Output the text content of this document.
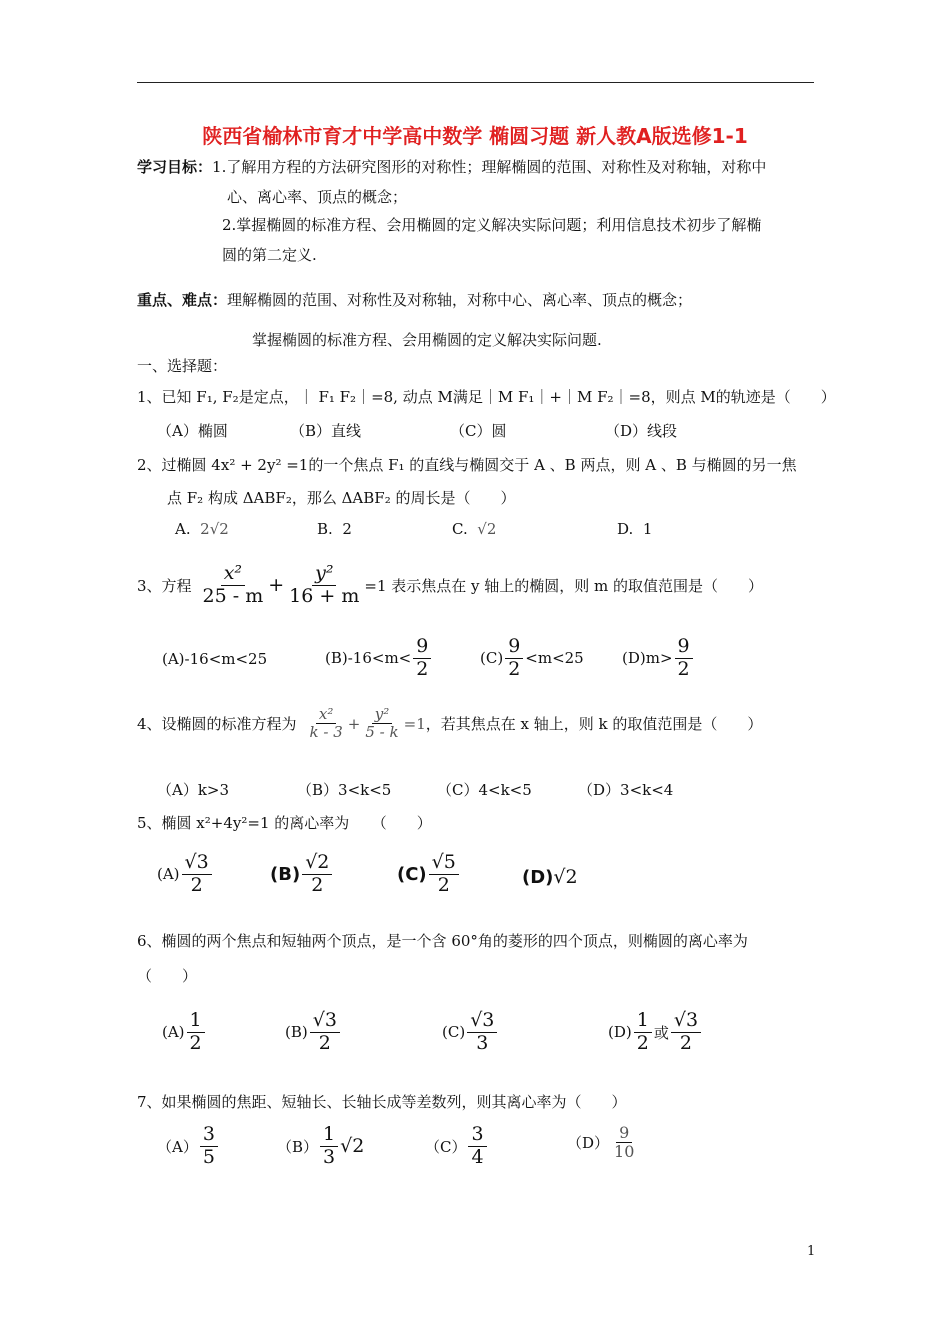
陕西省榆林市育才中学高中数学 椭圆习题 新人教A版选修1-1
学习目标：1.了解用方程的方法研究图形的对称性；理解椭圆的范围、对称性及对称轴，对称中
心、离心率、顶点的概念；
2.掌握椭圆的标准方程、会用椭圆的定义解决实际问题；利用信息技术初步了解椭
圆的第二定义.
重点、难点：理解椭圆的范围、对称性及对称轴，对称中心、离心率、顶点的概念；
掌握椭圆的标准方程、会用椭圆的定义解决实际问题.
一、选择题：
1、已知 F₁, F₂是定点，｜ F₁ F₂｜=8, 动点 M满足｜M F₁｜+｜M F₂｜=8，则点 M的轨迹是（　　）
（A）椭圆	（B）直线	（C）圆	（D）线段
2、过椭圆 4x² + 2y² =1的一个焦点 F₁ 的直线与椭圆交于 A 、B 两点，则 A 、B 与椭圆的另一焦
点 F₂ 构成 ΔABF₂，那么 ΔABF₂ 的周长是（　　）
A. 2√2	B. 2	C. √2	D. 1
3、方程 $\frac{\text{x²}}{25 - m} + \frac{\text{y²}}{16 + m} =1$ 表示焦点在 y 轴上的椭圆，则 m 的取值范围是（　　）
(A)-16<m<25	$(B)-16<m< \frac{9}{2}$	$(C) \frac{9}{2} <m<25$	$(D)m> \frac{9}{2}$
4、设椭圆的标准方程为 $\frac{\text{x²}}{k - 3} + \frac{\text{y²}}{5 - k} =1$ ，若其焦点在 x 轴上，则 k 的取值范围是（　　）
（A）k>3	（B）3<k<5	（C）4<k<5	（D）3<k<4
5、椭圆 x²+4y²=1 的离心率为　　（　　）
$(A) \frac{√3}{2}$	$(B) \frac{√2}{2}$	$(C) \frac{√5}{2}$	(D)√2
6、椭圆的两个焦点和短轴两个顶点，是一个含 60°角的菱形的四个顶点，则椭圆的离心率为
（　　）
$(A) \frac{1}{2}$	$(B) \frac{√3}{2}$	$(C) \frac{√3}{3}$	$(D) \frac{1}{2}$ 或 $\frac{√3}{2}$
7、如果椭圆的焦距、短轴长、长轴长成等差数列，则其离心率为（　　）
$(A) \frac{3}{5}$	$(B) \frac{1}{3} √2$	$(C) \frac{3}{4}$	$(D) \frac{9}{10}$
1
